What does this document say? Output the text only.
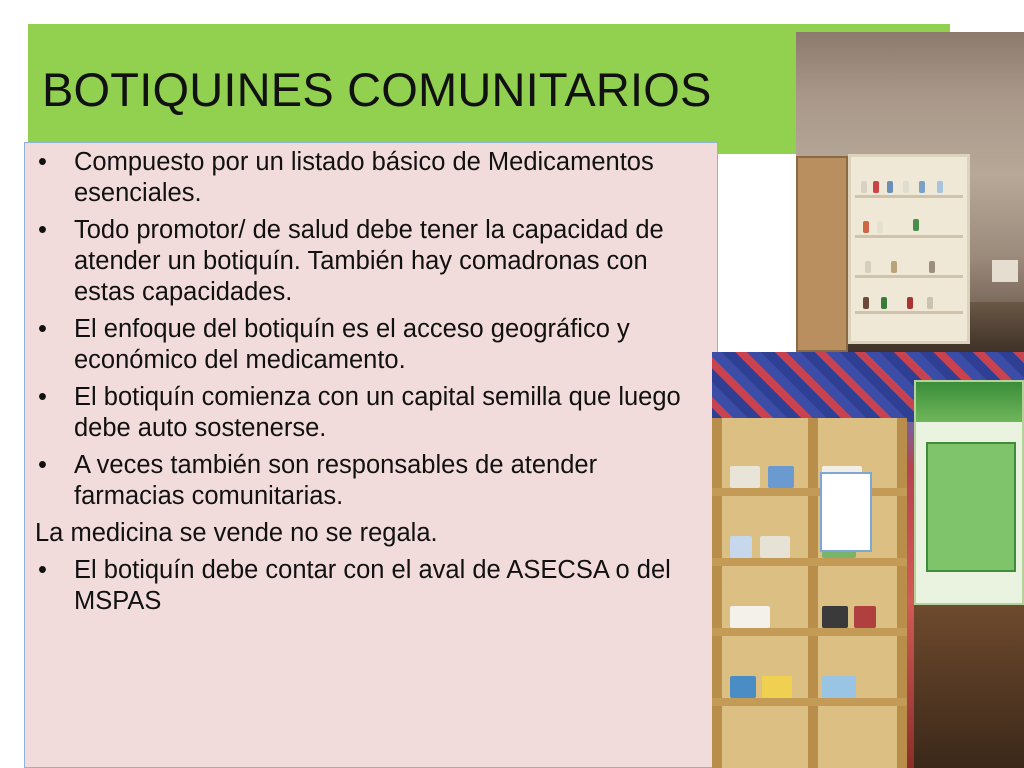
BOTIQUINES COMUNITARIOS
• Compuesto por un listado básico de Medicamentos esenciales.
• Todo promotor/ de salud debe tener la capacidad de atender un botiquín. También hay comadronas con estas capacidades.
• El enfoque del botiquín es el acceso geográfico y económico del medicamento.
• El botiquín comienza con un capital semilla que luego debe auto sostenerse.
• A veces también son responsables de atender farmacias comunitarias.
La medicina se vende no se regala.
• El botiquín debe contar con el aval de ASECSA o del MSPAS
